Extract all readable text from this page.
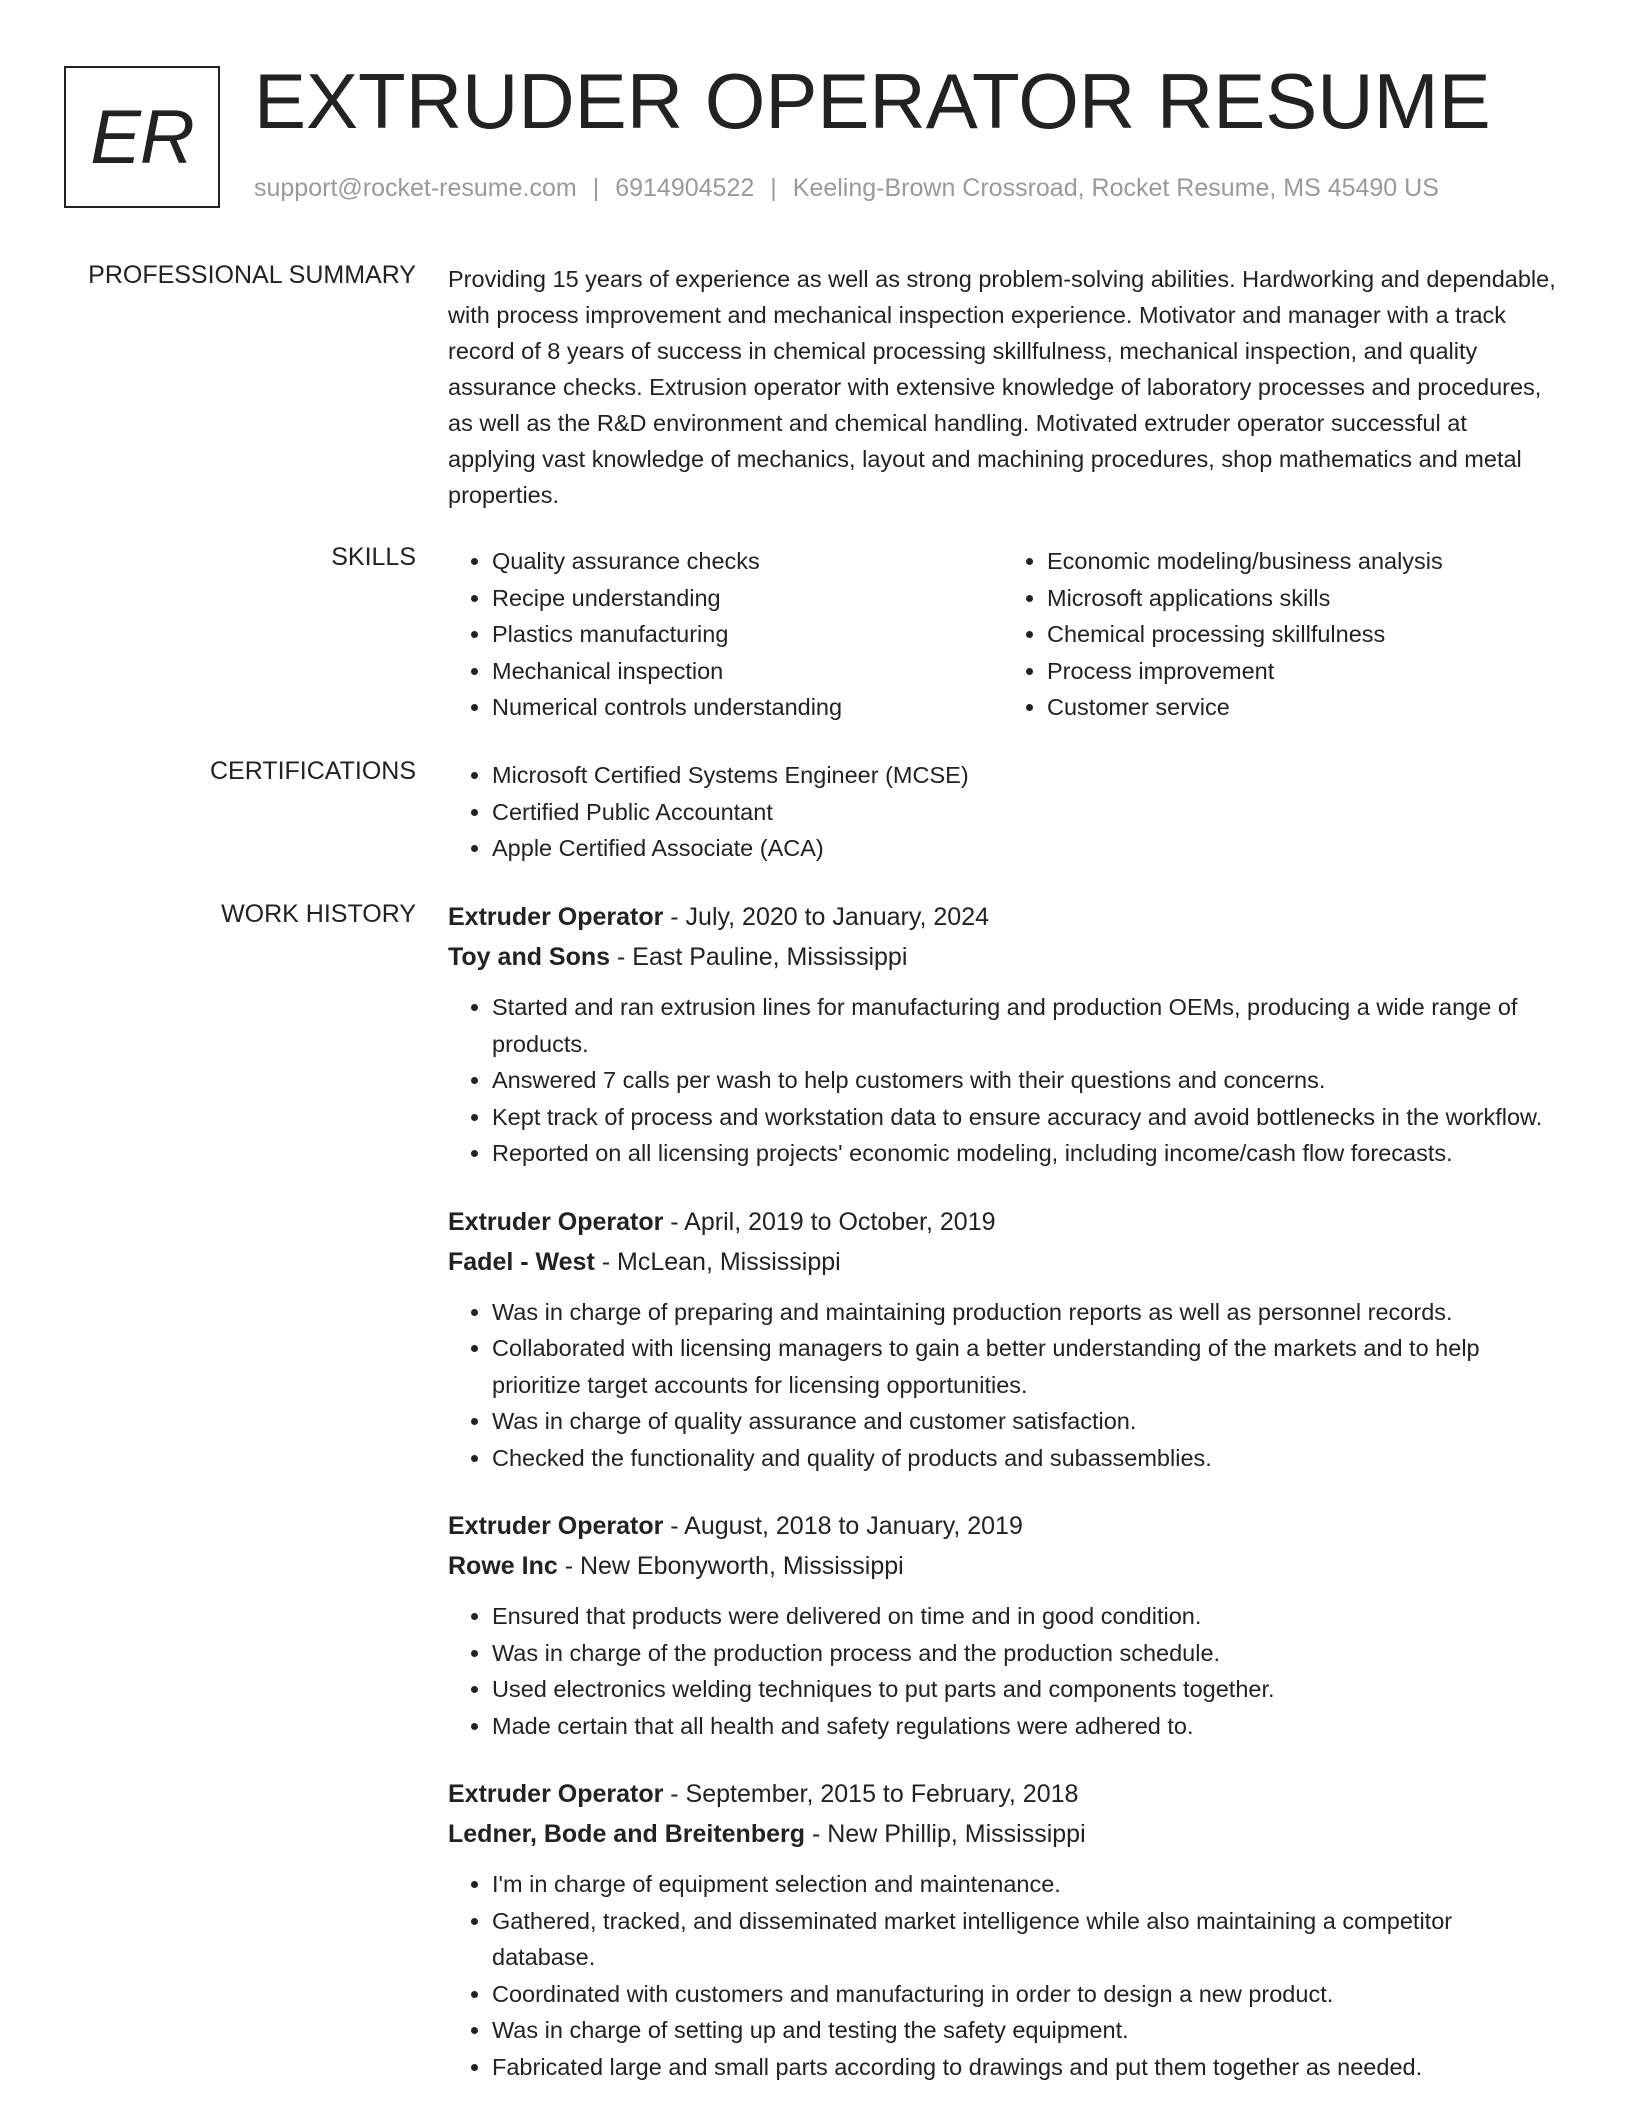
ER EXTRUDER OPERATOR RESUME
support@rocket-resume.com | 6914904522 | Keeling-Brown Crossroad, Rocket Resume, MS 45490 US
PROFESSIONAL SUMMARY Providing 15 years of experience as well as strong problem-solving abilities. Hardworking and dependable, with process improvement and mechanical inspection experience. Motivator and manager with a track record of 8 years of success in chemical processing skillfulness, mechanical inspection, and quality assurance checks. Extrusion operator with extensive knowledge of laboratory processes and procedures, as well as the R&D environment and chemical handling. Motivated extruder operator successful at applying vast knowledge of mechanics, layout and machining procedures, shop mathematics and metal properties.
SKILLS	• Quality assurance checks
• Recipe understanding
• Plastics manufacturing
• Mechanical inspection
• Numerical controls understanding
• Economic modeling/business analysis
• Microsoft applications skills
• Chemical processing skillfulness
• Process improvement
• Customer service
CERTIFICATIONS	• Microsoft Certified Systems Engineer (MCSE)
• Certified Public Accountant
• Apple Certified Associate (ACA)
WORK HISTORY Extruder Operator - July, 2020 to January, 2024
Toy and Sons - East Pauline, Mississippi
• Started and ran extrusion lines for manufacturing and production OEMs, producing a wide range of products.
• Answered 7 calls per wash to help customers with their questions and concerns.
• Kept track of process and workstation data to ensure accuracy and avoid bottlenecks in the workflow.
• Reported on all licensing projects' economic modeling, including income/cash flow forecasts.
Extruder Operator - April, 2019 to October, 2019
Fadel - West - McLean, Mississippi
• Was in charge of preparing and maintaining production reports as well as personnel records.
• Collaborated with licensing managers to gain a better understanding of the markets and to help prioritize target accounts for licensing opportunities.
• Was in charge of quality assurance and customer satisfaction.
• Checked the functionality and quality of products and subassemblies.
Extruder Operator - August, 2018 to January, 2019
Rowe Inc - New Ebonyworth, Mississippi
• Ensured that products were delivered on time and in good condition.
• Was in charge of the production process and the production schedule.
• Used electronics welding techniques to put parts and components together.
• Made certain that all health and safety regulations were adhered to.
Extruder Operator - September, 2015 to February, 2018
Ledner, Bode and Breitenberg - New Phillip, Mississippi
• I'm in charge of equipment selection and maintenance.
• Gathered, tracked, and disseminated market intelligence while also maintaining a competitor database.
• Coordinated with customers and manufacturing in order to design a new product.
• Was in charge of setting up and testing the safety equipment.
• Fabricated large and small parts according to drawings and put them together as needed.
